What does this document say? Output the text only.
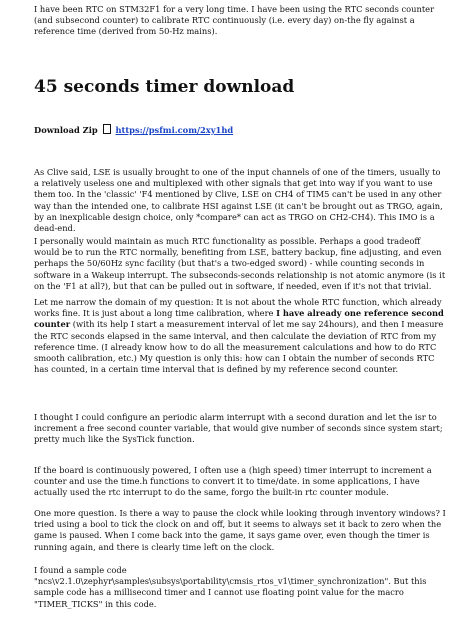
I have been RTC on STM32F1 for a very long time. I have been using the RTC seconds counter (and subsecond counter) to calibrate RTC continuously (i.e. every day) on-the fly against a reference time (derived from 50-Hz mains).

45 seconds timer download
Download Zip https://psfmi.com/2xy1hd

As Clive said, LSE is usually brought to one of the input channels of one of the timers, usually to a relatively useless one and multiplexed with other signals that get into way if you want to use them too. In the 'classic' 'F4 mentioned by Clive, LSE on CH4 of TIM5 can't be used in any other way than the intended one, to calibrate HSI against LSE (it can't be brought out as TRGO, again, by an inexplicable design choice, only *compare* can act as TRGO on CH2-CH4). This IMO is a dead-end.

I personally would maintain as much RTC functionality as possible. Perhaps a good tradeoff would be to run the RTC normally, benefiting from LSE, battery backup, fine adjusting, and even perhaps the 50/60Hz sync facility (but that's a two-edged sword) - while counting seconds in software in a Wakeup interrupt. The subseconds-seconds relationship is not atomic anymore (is it on the 'F1 at all?), but that can be pulled out in software, if needed, even if it's not that trivial.

Let me narrow the domain of my question: It is not about the whole RTC function, which already works fine. It is just about a long time calibration, where I have already one reference second counter (with its help I start a measurement interval of let me say 24hours), and then I measure the RTC seconds elapsed in the same interval, and then calculate the deviation of RTC from my reference time. (I already know how to do all the measurement calculations and how to do RTC smooth calibration, etc.) My question is only this: how can I obtain the number of seconds RTC has counted, in a certain time interval that is defined by my reference second counter.

I thought I could configure an periodic alarm interrupt with a second duration and let the isr to increment a free second counter variable, that would give number of seconds since system start; pretty much like the SysTick function.

If the board is continuously powered, I often use a (high speed) timer interrupt to increment a counter and use the time.h functions to convert it to time/date. in some applications, I have actually used the rtc interrupt to do the same, forgo the built-in rtc counter module.

One more question. Is there a way to pause the clock while looking through inventory windows? I tried using a bool to tick the clock on and off, but it seems to always set it back to zero when the game is paused. When I come back into the game, it says game over, even though the timer is running again, and there is clearly time left on the clock.

I found a sample code "ncs\v2.1.0\zephyr\samples\subsys\portability\cmsis_rtos_v1\timer_synchronization". But this sample code has a millisecond timer and I cannot use floating point value for the macro "TIMER_TICKS" in this code.
